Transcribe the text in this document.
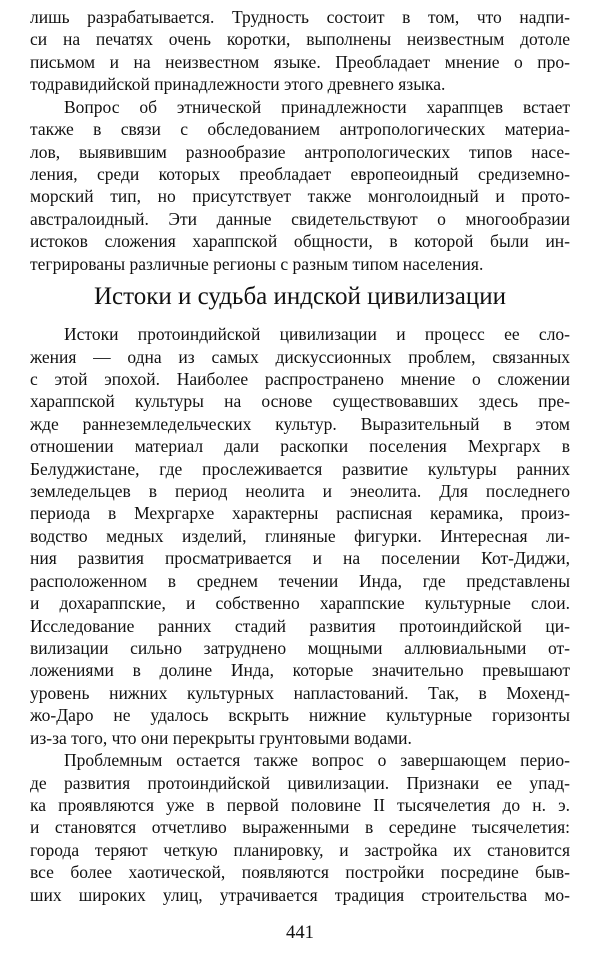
лишь разрабатывается. Трудность состоит в том, что надпи-
си на печатях очень коротки, выполнены неизвестным дотоле
письмом и на неизвестном языке. Преобладает мнение о про-
тодравидийской принадлежности этого древнего языка.
Вопрос об этнической принадлежности хараппцев встает
также в связи с обследованием антропологических материа-
лов, выявившим разнообразие антропологических типов насе-
ления, среди которых преобладает европеоидный средиземно-
морский тип, но присутствует также монголоидный и прото-
австралоидный. Эти данные свидетельствуют о многообразии
истоков сложения хараппской общности, в которой были ин-
тегрированы различные регионы с разным типом населения.
Истоки и судьба индской цивилизации
Истоки протоиндийской цивилизации и процесс ее сло-
жения — одна из самых дискуссионных проблем, связанных
с этой эпохой. Наиболее распространено мнение о сложении
хараппской культуры на основе существовавших здесь пре-
жде раннеземледельческих культур. Выразительный в этом
отношении материал дали раскопки поселения Мехргарх в
Белуджистане, где прослеживается развитие культуры ранних
земледельцев в период неолита и энеолита. Для последнего
периода в Мехргархе характерны расписная керамика, произ-
водство медных изделий, глиняные фигурки. Интересная ли-
ния развития просматривается и на поселении Кот-Диджи,
расположенном в среднем течении Инда, где представлены
и дохараппские, и собственно хараппские культурные слои.
Исследование ранних стадий развития протоиндийской ци-
вилизации сильно затруднено мощными аллювиальными от-
ложениями в долине Инда, которые значительно превышают
уровень нижних культурных напластований. Так, в Мохенд-
жо-Даро не удалось вскрыть нижние культурные горизонты
из-за того, что они перекрыты грунтовыми водами.
Проблемным остается также вопрос о завершающем перио-
де развития протоиндийской цивилизации. Признаки ее упад-
ка проявляются уже в первой половине II тысячелетия до н. э.
441
и становятся отчетливо выраженными в середине тысячелетия:
города теряют четкую планировку, и застройка их становится
все более хаотической, появляются постройки посредине быв-
ших широких улиц, утрачивается традиция строительства мо-
